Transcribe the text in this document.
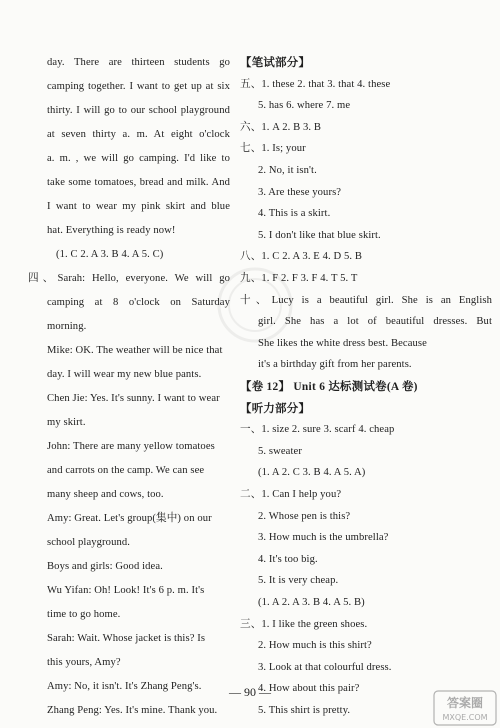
day. There are thirteen students go
camping together. I want to get up at six
thirty. I will go to our school playground
at seven thirty a. m. At eight o'clock
a. m. , we will go camping. I'd like to
take some tomatoes, bread and milk. And
I want to wear my pink skirt and blue
hat. Everything is ready now!
(1. C 2. A 3. B 4. A 5. C)
四、Sarah: Hello, everyone. We will go
camping at 8 o'clock on Saturday
morning.
Mike: OK. The weather will be nice that
day. I will wear my new blue pants.
Chen Jie: Yes. It's sunny. I want to wear
my skirt.
John: There are many yellow tomatoes
and carrots on the camp. We can see
many sheep and cows, too.
Amy: Great. Let's group(集中) on our
school playground.
Boys and girls: Good idea.
Wu Yifan: Oh! Look! It's 6 p. m. It's
time to go home.
Sarah: Wait. Whose jacket is this? Is
this yours, Amy?
Amy: No, it isn't. It's Zhang Peng's.
Zhang Peng: Yes. It's mine. Thank you.
【笔试部分】
五、1. these 2. that 3. that 4. these
5. has 6. where 7. me
六、1. A 2. B 3. B
七、1. Is; your
2. No, it isn't.
3. Are these yours?
4. This is a skirt.
5. I don't like that blue skirt.
八、1. C 2. A 3. E 4. D 5. B
九、1. F 2. F 3. F 4. T 5. T
十、Lucy is a beautiful girl. She is an English
girl. She has a lot of beautiful dresses. But
She likes the white dress best. Because
it's a birthday gift from her parents.
【卷 12】 Unit 6 达标测试卷(A 卷)
【听力部分】
一、1. size 2. sure 3. scarf 4. cheap
5. sweater
(1. A 2. C 3. B 4. A 5. A)
二、1. Can I help you?
2. Whose pen is this?
3. How much is the umbrella?
4. It's too big.
5. It is very cheap.
(1. A 2. A 3. B 4. A 5. B)
三、1. I like the green shoes.
2. How much is this shirt?
3. Look at that colourful dress.
4. How about this pair?
5. This shirt is pretty.
— 90 —
答案圈
MXQE.COM
